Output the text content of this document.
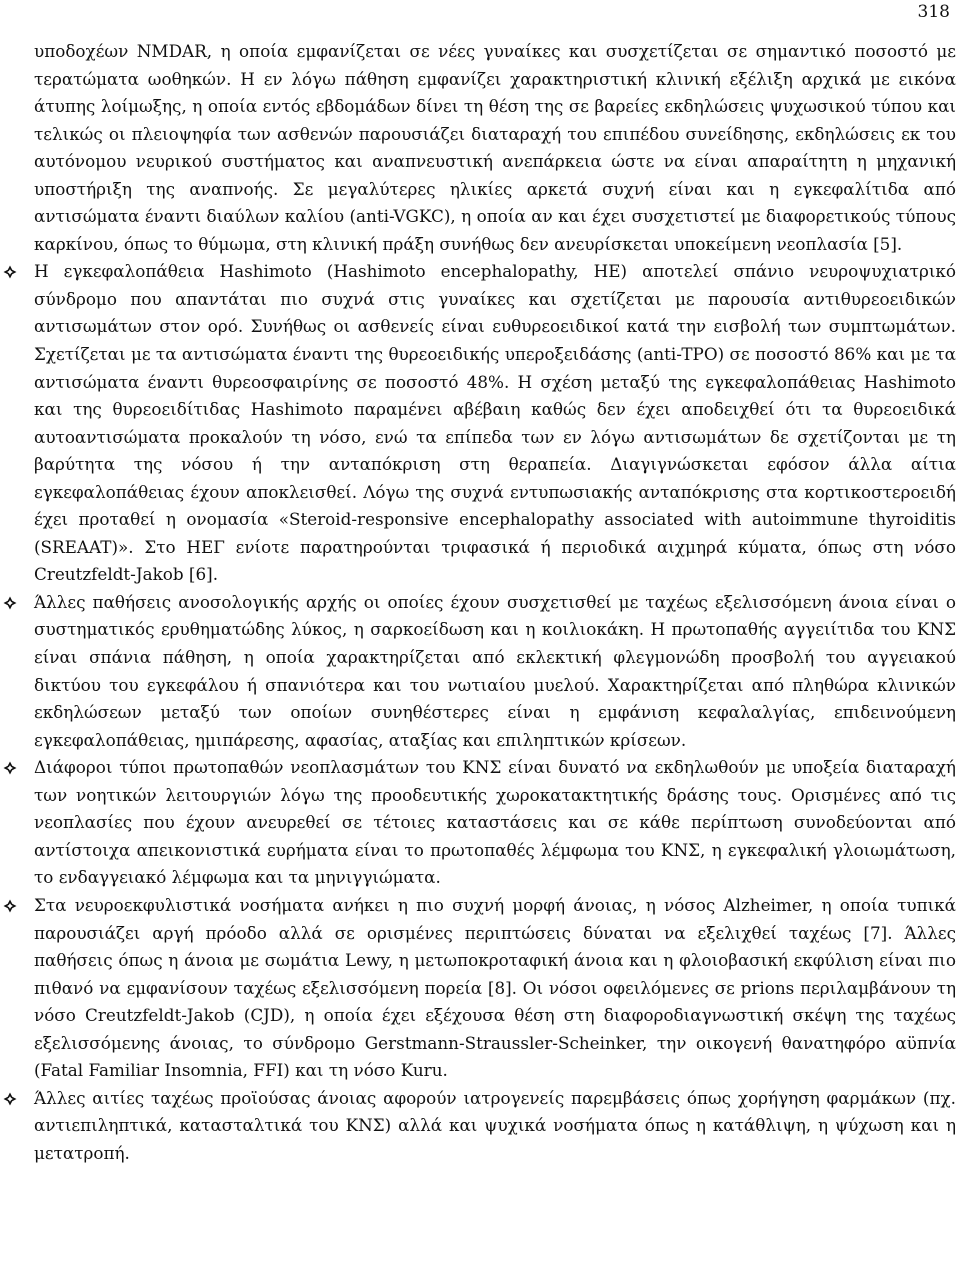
318

υποδοχέων NMDAR, η οποία εμφανίζεται σε νέες γυναίκες και συσχετίζεται σε σημαντικό ποσοστό με τερατώματα ωοθηκών. Η εν λόγω πάθηση εμφανίζει χαρακτηριστική κλινική εξέλιξη αρχικά με εικόνα άτυπης λοίμωξης, η οποία εντός εβδομάδων δίνει τη θέση της σε βαρείες εκδηλώσεις ψυχωσικού τύπου και τελικώς οι πλειοψηφία των ασθενών παρουσιάζει διαταραχή του επιπέδου συνείδησης, εκδηλώσεις εκ του αυτόνομου νευρικού συστήματος και αναπνευστική ανεπάρκεια ώστε να είναι απαραίτητη η μηχανική υποστήριξη της αναπνοής. Σε μεγαλύτερες ηλικίες αρκετά συχνή είναι και η εγκεφαλίτιδα από αντισώματα έναντι διαύλων καλίου (anti-VGKC), η οποία αν και έχει συσχετιστεί με διαφορετικούς τύπους καρκίνου, όπως το θύμωμα, στη κλινική πράξη συνήθως δεν ανευρίσκεται υποκείμενη νεοπλασία [5].

Η εγκεφαλοπάθεια Hashimoto (Hashimoto encephalopathy, HE) αποτελεί σπάνιο νευροψυχιατρικό σύνδρομο που απαντάται πιο συχνά στις γυναίκες και σχετίζεται με παρουσία αντιθυρεοειδικών αντισωμάτων στον ορό. Συνήθως οι ασθενείς είναι ευθυρεοειδικοί κατά την εισβολή των συμπτωμάτων. Σχετίζεται με τα αντισώματα έναντι της θυρεοειδικής υπεροξειδάσης (anti-TPO) σε ποσοστό 86% και με τα αντισώματα έναντι θυρεοσφαιρίνης σε ποσοστό 48%. Η σχέση μεταξύ της εγκεφαλοπάθειας Hashimoto και της θυρεοειδίτιδας Hashimoto παραμένει αβέβαιη καθώς δεν έχει αποδειχθεί ότι τα θυρεοειδικά αυτοαντισώματα προκαλούν τη νόσο, ενώ τα επίπεδα των εν λόγω αντισωμάτων δε σχετίζονται με τη βαρύτητα της νόσου ή την ανταπόκριση στη θεραπεία. Διαγιγνώσκεται εφόσον άλλα αίτια εγκεφαλοπάθειας έχουν αποκλεισθεί. Λόγω της συχνά εντυπωσιακής ανταπόκρισης στα κορτικοστεροειδή έχει προταθεί η ονομασία «Steroid-responsive encephalopathy associated with autoimmune thyroiditis (SREAAT)». Στο ΗΕΓ ενίοτε παρατηρούνται τριφασικά ή περιοδικά αιχμηρά κύματα, όπως στη νόσο Creutzfeldt-Jakob [6].

Άλλες παθήσεις ανοσολογικής αρχής οι οποίες έχουν συσχετισθεί με ταχέως εξελισσόμενη άνοια είναι ο συστηματικός ερυθηματώδης λύκος, η σαρκοείδωση και η κοιλιοκάκη. Η πρωτοπαθής αγγειίτιδα του ΚΝΣ είναι σπάνια πάθηση, η οποία χαρακτηρίζεται από εκλεκτική φλεγμονώδη προσβολή του αγγειακού δικτύου του εγκεφάλου ή σπανιότερα και του νωτιαίου μυελού. Χαρακτηρίζεται από πληθώρα κλινικών εκδηλώσεων μεταξύ των οποίων συνηθέστερες είναι η εμφάνιση κεφαλαλγίας, επιδεινούμενη εγκεφαλοπάθειας, ημιπάρεσης, αφασίας, αταξίας και επιληπτικών κρίσεων.

Διάφοροι τύποι πρωτοπαθών νεοπλασμάτων του ΚΝΣ είναι δυνατό να εκδηλωθούν με υποξεία διαταραχή των νοητικών λειτουργιών λόγω της προοδευτικής χωροκατακτητικής δράσης τους. Ορισμένες από τις νεοπλασίες που έχουν ανευρεθεί σε τέτοιες καταστάσεις και σε κάθε περίπτωση συνοδεύονται από αντίστοιχα απεικονιστικά ευρήματα είναι το πρωτοπαθές λέμφωμα του ΚΝΣ, η εγκεφαλική γλοιωμάτωση, το ενδαγγειακό λέμφωμα και τα μηνιγγιώματα.

Στα νευροεκφυλιστικά νοσήματα ανήκει η πιο συχνή μορφή άνοιας, η νόσος Alzheimer, η οποία τυπικά παρουσιάζει αργή πρόοδο αλλά σε ορισμένες περιπτώσεις δύναται να εξελιχθεί ταχέως [7]. Άλλες παθήσεις όπως η άνοια με σωμάτια Lewy, η μετωποκροταφική άνοια και η φλοιοβασική εκφύλιση είναι πιο πιθανό να εμφανίσουν ταχέως εξελισσόμενη πορεία [8]. Οι νόσοι οφειλόμενες σε prions περιλαμβάνουν τη νόσο Creutzfeldt-Jakob (CJD), η οποία έχει εξέχουσα θέση στη διαφοροδιαγνωστική σκέψη της ταχέως εξελισσόμενης άνοιας, το σύνδρομο Gerstmann-Straussler-Scheinker, την οικογενή θανατηφόρο αϋπνία (Fatal Familiar Insomnia, FFI) και τη νόσο Kuru.

Άλλες αιτίες ταχέως προϊούσας άνοιας αφορούν ιατρογενείς παρεμβάσεις όπως χορήγηση φαρμάκων (πχ. αντιεπιληπτικά, κατασταλτικά του ΚΝΣ) αλλά και ψυχικά νοσήματα όπως η κατάθλιψη, η ψύχωση και η μετατροπή.
